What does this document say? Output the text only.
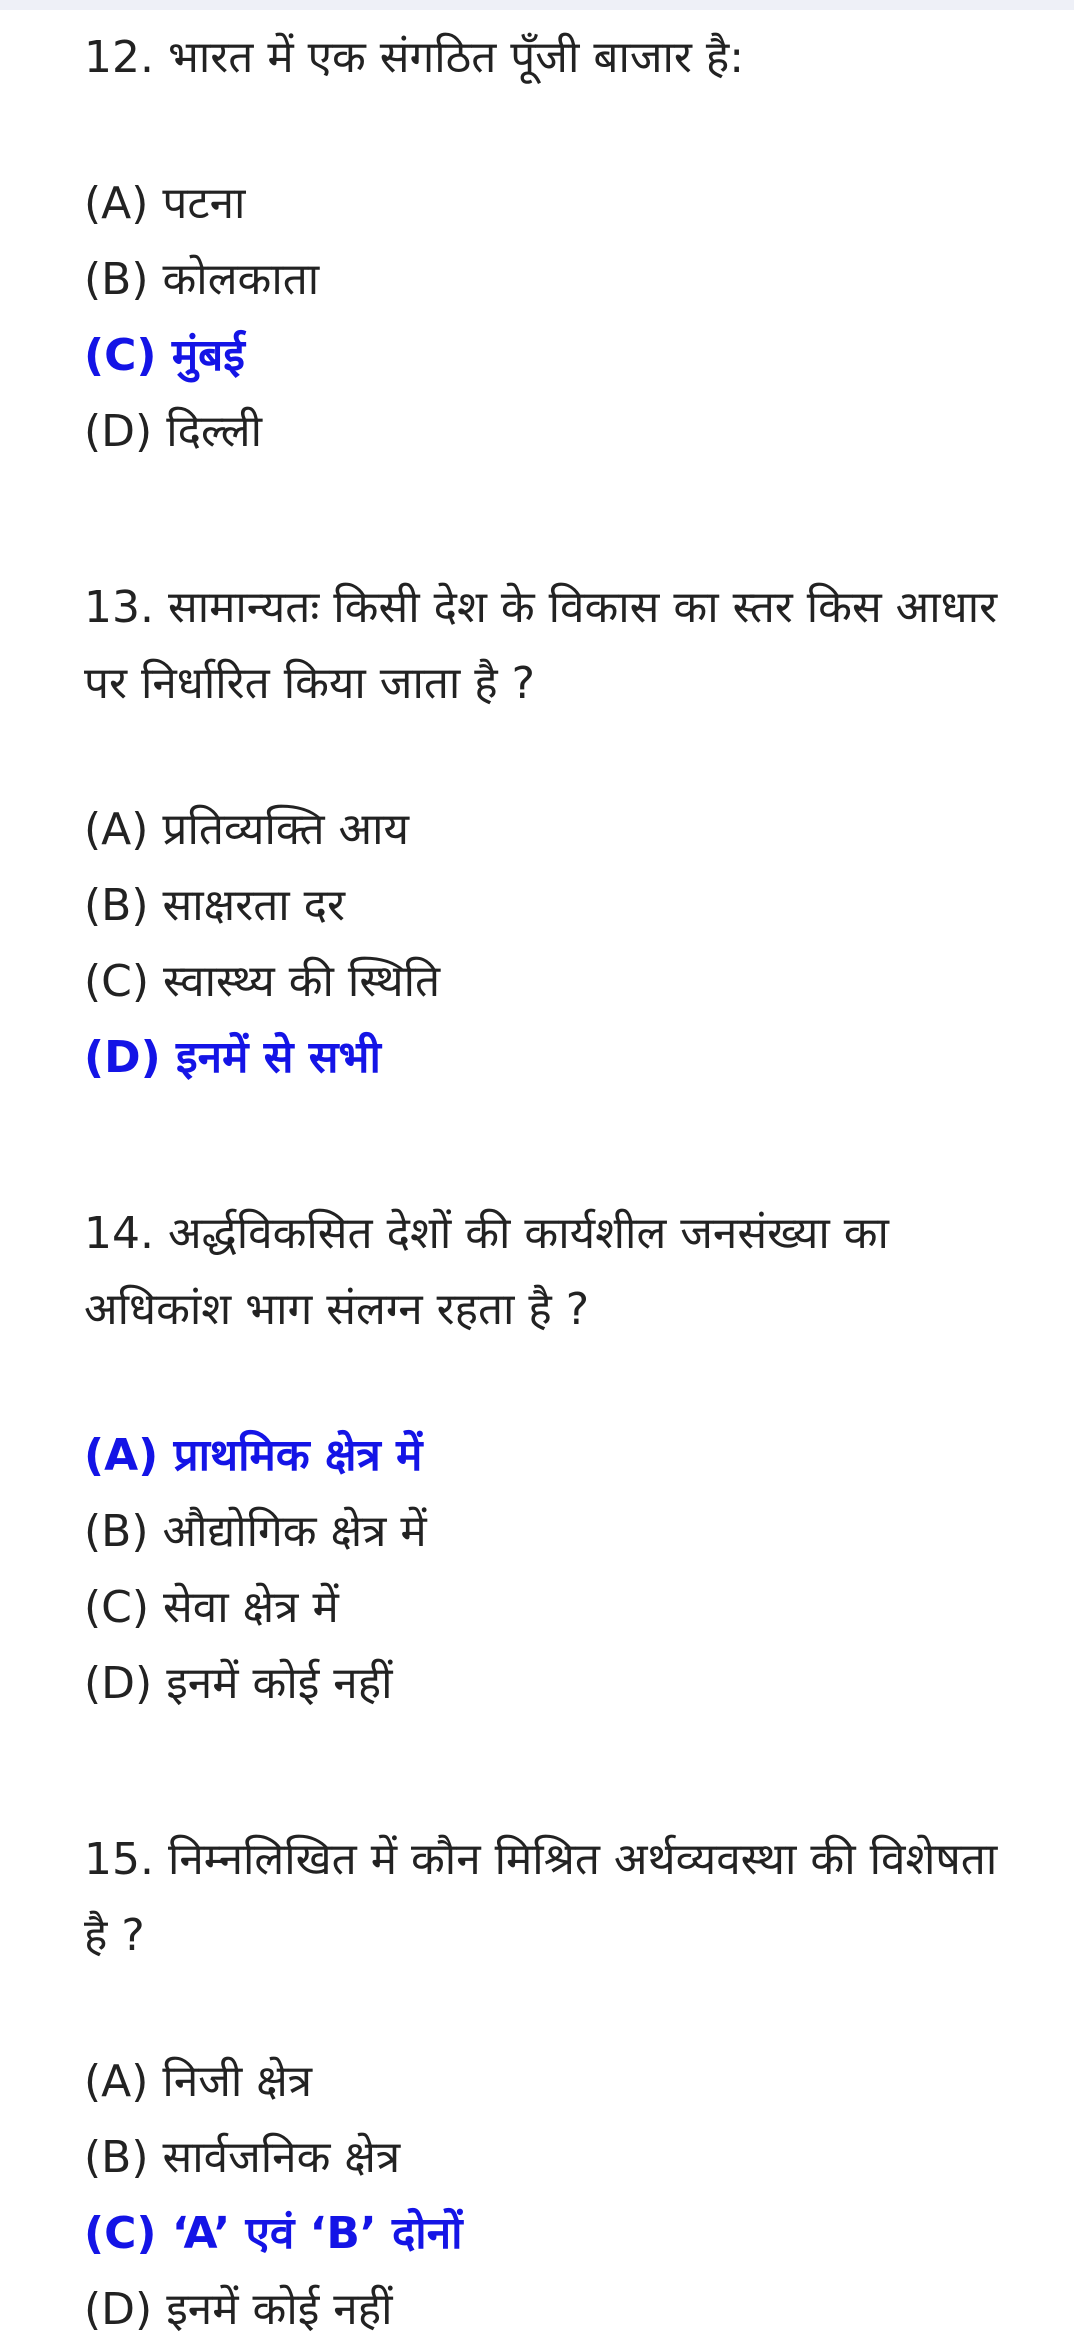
12. भारत में एक संगठित पूँजी बाजार है:

(A) पटना
(B) कोलकाता
(C) मुंबई
(D) दिल्ली

13. सामान्यतः किसी देश के विकास का स्तर किस आधार पर निर्धारित किया जाता है ?

(A) प्रतिव्यक्ति आय
(B) साक्षरता दर
(C) स्वास्थ्य की स्थिति
(D) इनमें से सभी

14. अर्द्धविकसित देशों की कार्यशील जनसंख्या का अधिकांश भाग संलग्न रहता है ?

(A) प्राथमिक क्षेत्र में
(B) औद्योगिक क्षेत्र में
(C) सेवा क्षेत्र में
(D) इनमें कोई नहीं

15. निम्नलिखित में कौन मिश्रित अर्थव्यवस्था की विशेषता है ?

(A) निजी क्षेत्र
(B) सार्वजनिक क्षेत्र
(C) ‘A’ एवं ‘B’ दोनों
(D) इनमें कोई नहीं
